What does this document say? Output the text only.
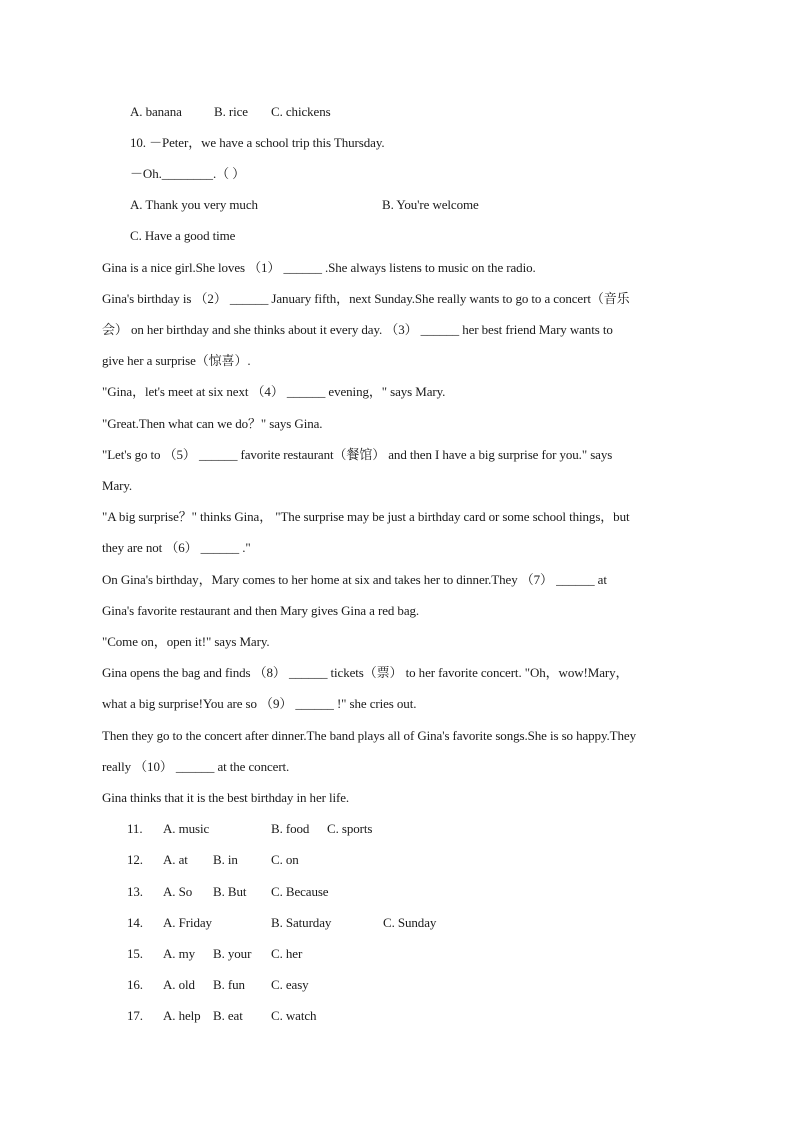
A. banana B. rice C. chickens
10. －Peter，we have a school trip this Thursday.
－Oh.________.（ ）
A. Thank you very much	B. You're welcome
C. Have a good time
Gina is a nice girl.She loves （1） ______ .She always listens to music on the radio.
Gina's birthday is （2） ______ January fifth，next Sunday.She really wants to go to a concert（音乐
会） on her birthday and she thinks about it every day. （3） ______ her best friend Mary wants to
give her a surprise（惊喜）.
"Gina，let's meet at six next （4） ______ evening，" says Mary.
"Great.Then what can we do？" says Gina.
"Let's go to （5） ______ favorite restaurant（餐馆） and then I have a big surprise for you." says
Mary.
"A big surprise？" thinks Gina， "The surprise may be just a birthday card or some school things，but
they are not （6） ______ ."
On Gina's birthday，Mary comes to her home at six and takes her to dinner.They （7） ______ at
Gina's favorite restaurant and then Mary gives Gina a red bag.
"Come on，open it!" says Mary.
Gina opens the bag and finds （8） ______ tickets（票） to her favorite concert. "Oh，wow!Mary，
what a big surprise!You are so （9） ______ !" she cries out.
Then they go to the concert after dinner.The band plays all of Gina's favorite songs.She is so happy.They
really （10） ______ at the concert.
Gina thinks that it is the best birthday in her life.
11. A. music	B. food C. sports
12. A. at B. in	C. on
13. A. So B. But C. Because
14. A. Friday	B. Saturday	C. Sunday
15. A. my B. your C. her
16. A. old B. fun C. easy
17. A. help B. eat C. watch
